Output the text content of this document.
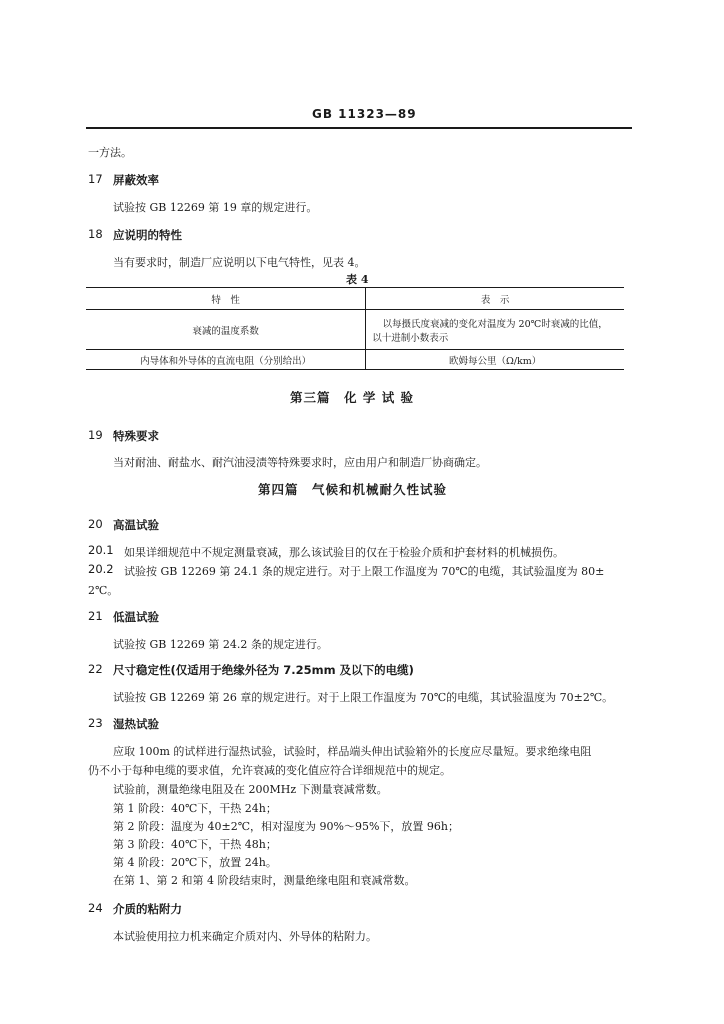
GB 11323—89
一方法。
17 屏蔽效率
试验按 GB 12269 第 19 章的规定进行。
18 应说明的特性
当有要求时，制造厂应说明以下电气特性，见表 4。
表 4
特　性	表　示
衰减的温度系数	以每摄氏度衰减的变化对温度为 20℃时衰减的比值，
以十进制小数表示

内导体和外导体的直流电阻（分别给出）	欧姆每公里（Ω/km）
第三篇　化 学 试 验
19 特殊要求
当对耐油、耐盐水、耐汽油浸渍等特殊要求时，应由用户和制造厂协商确定。
第四篇　气候和机械耐久性试验
20 高温试验
20.1 如果详细规范中不规定测量衰减，那么该试验目的仅在于检验介质和护套材料的机械损伤。
20.2 试验按 GB 12269 第 24.1 条的规定进行。对于上限工作温度为 70℃的电缆，其试验温度为 80±
2℃。
21 低温试验
试验按 GB 12269 第 24.2 条的规定进行。
22 尺寸稳定性(仅适用于绝缘外径为 7.25mm 及以下的电缆)
试验按 GB 12269 第 26 章的规定进行。对于上限工作温度为 70℃的电缆，其试验温度为 70±2℃。
23 湿热试验
应取 100m 的试样进行湿热试验，试验时，样品端头伸出试验箱外的长度应尽量短。要求绝缘电阻
仍不小于每种电缆的要求值，允许衰减的变化值应符合详细规范中的规定。
试验前，测量绝缘电阻及在 200MHz 下测量衰减常数。
第 1 阶段：40℃下，干热 24h；
第 2 阶段：温度为 40±2℃，相对湿度为 90%～95%下，放置 96h；
第 3 阶段：40℃下，干热 48h；
第 4 阶段：20℃下，放置 24h。
在第 1、第 2 和第 4 阶段结束时，测量绝缘电阻和衰减常数。
24 介质的粘附力
本试验使用拉力机来确定介质对内、外导体的粘附力。
